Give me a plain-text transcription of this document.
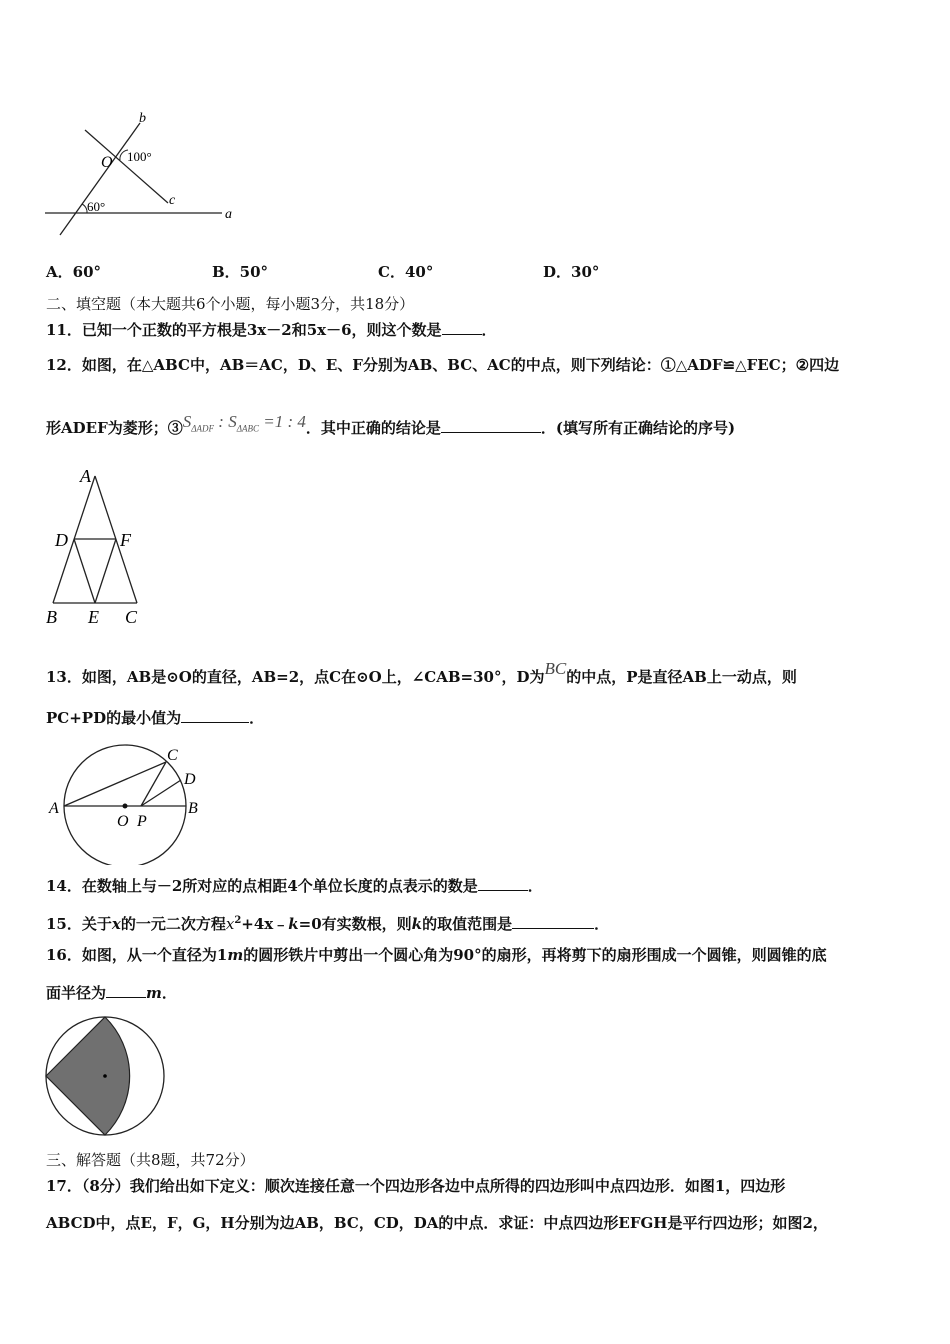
b
O 100°
c
60°
a
A．60°	B．50°	C．40°	D．30°
二、填空题（本大题共6个小题，每小题3分，共18分）
11．已知一个正数的平方根是3x－2和5x－6，则这个数是	．
12．如图，在△ABC中，AB＝AC，D、E、F分别为AB、BC、AC的中点，则下列结论：①△ADF≌△FEC；②四边
形ADEF为菱形；$③S_{\Delta ADF}$ : $S_{\Delta ABC} =1$ : 4．其中正确的结论是	．(填写所有正确结论的序号)
A
D	F
B E C
13．如图，AB是⊙O的直径，AB=2，点C在⊙O上，∠CAB=30°，D为BC的中点，P是直径AB上一动点，则
PC+PD的最小值为	．
A	B
C
D
O P
14．在数轴上与－2所对应的点相距4个单位长度的点表示的数是	．
15．关于x的一元二次方程$x^2+4x﹣k=0$有实数根，则k的取值范围是	．
16．如图，从一个直径为1m的圆形铁片中剪出一个圆心角为90°的扇形，再将剪下的扇形围成一个圆锥，则圆锥的底
面半径为	m．
三、解答题（共8题，共72分）
17．（8分）我们给出如下定义：顺次连接任意一个四边形各边中点所得的四边形叫中点四边形．如图1，四边形
ABCD中，点E，F，G，H分别为边AB，BC，CD，DA的中点．求证：中点四边形EFGH是平行四边形；如图2，
